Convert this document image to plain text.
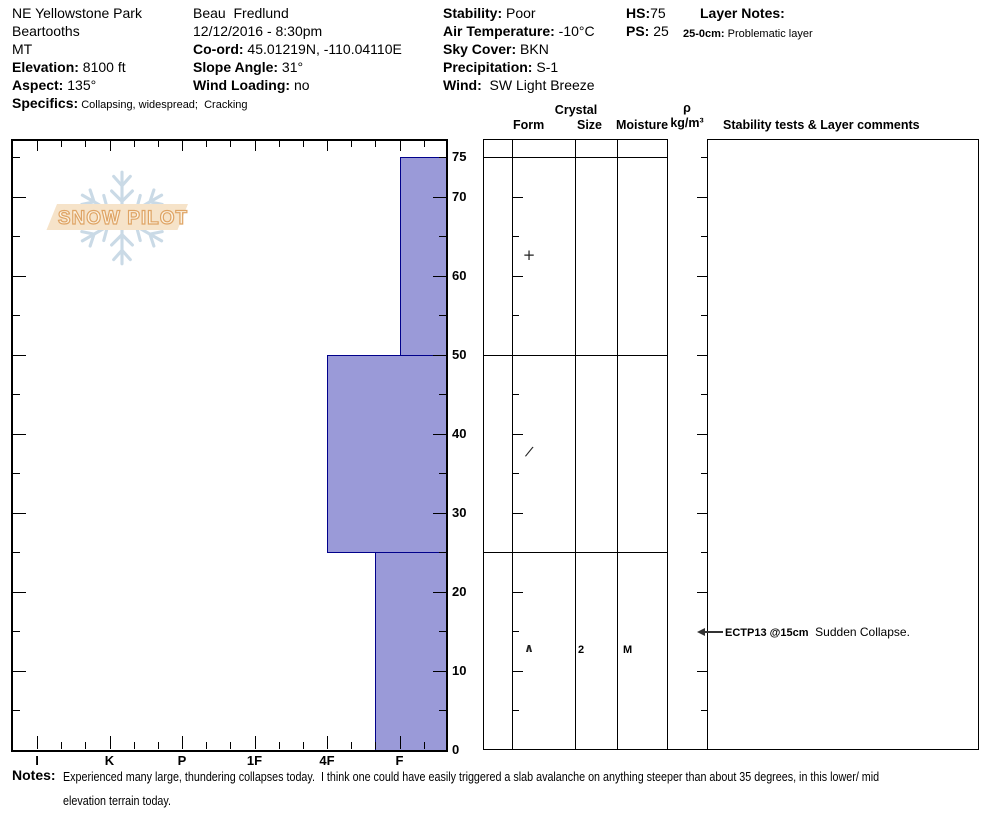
NE Yellowstone Park
Beartooths
MT
Elevation: 8100 ft
Aspect: 135°
Specifics: Collapsing, widespread;  Cracking
Beau  Fredlund
12/12/2016 - 8:30pm
Co-ord: 45.01219N, -110.04110E
Slope Angle: 31°
Wind Loading: no
Stability: Poor
Air Temperature: -10°C
Sky Cover: BKN
Precipitation: S-1
Wind:  SW Light Breeze
HS:75
PS: 25
Layer Notes:
25-0cm: Problematic layer
SNOW PILOT
Crystal
Form	Size Moisture
ρ
kg/m³ Stability tests & Layer comments
I	K	P	1F	4F	F
0
10
20
30
40
50
60
70
75
+
/
∧	2	M
ECTP13 @15cm  Sudden Collapse.
Notes: Experienced many large, thundering collapses today.  I think one could have easily triggered a slab avalanche on anything steeper than about 35 degrees, in this lower/ mid
elevation terrain today.
